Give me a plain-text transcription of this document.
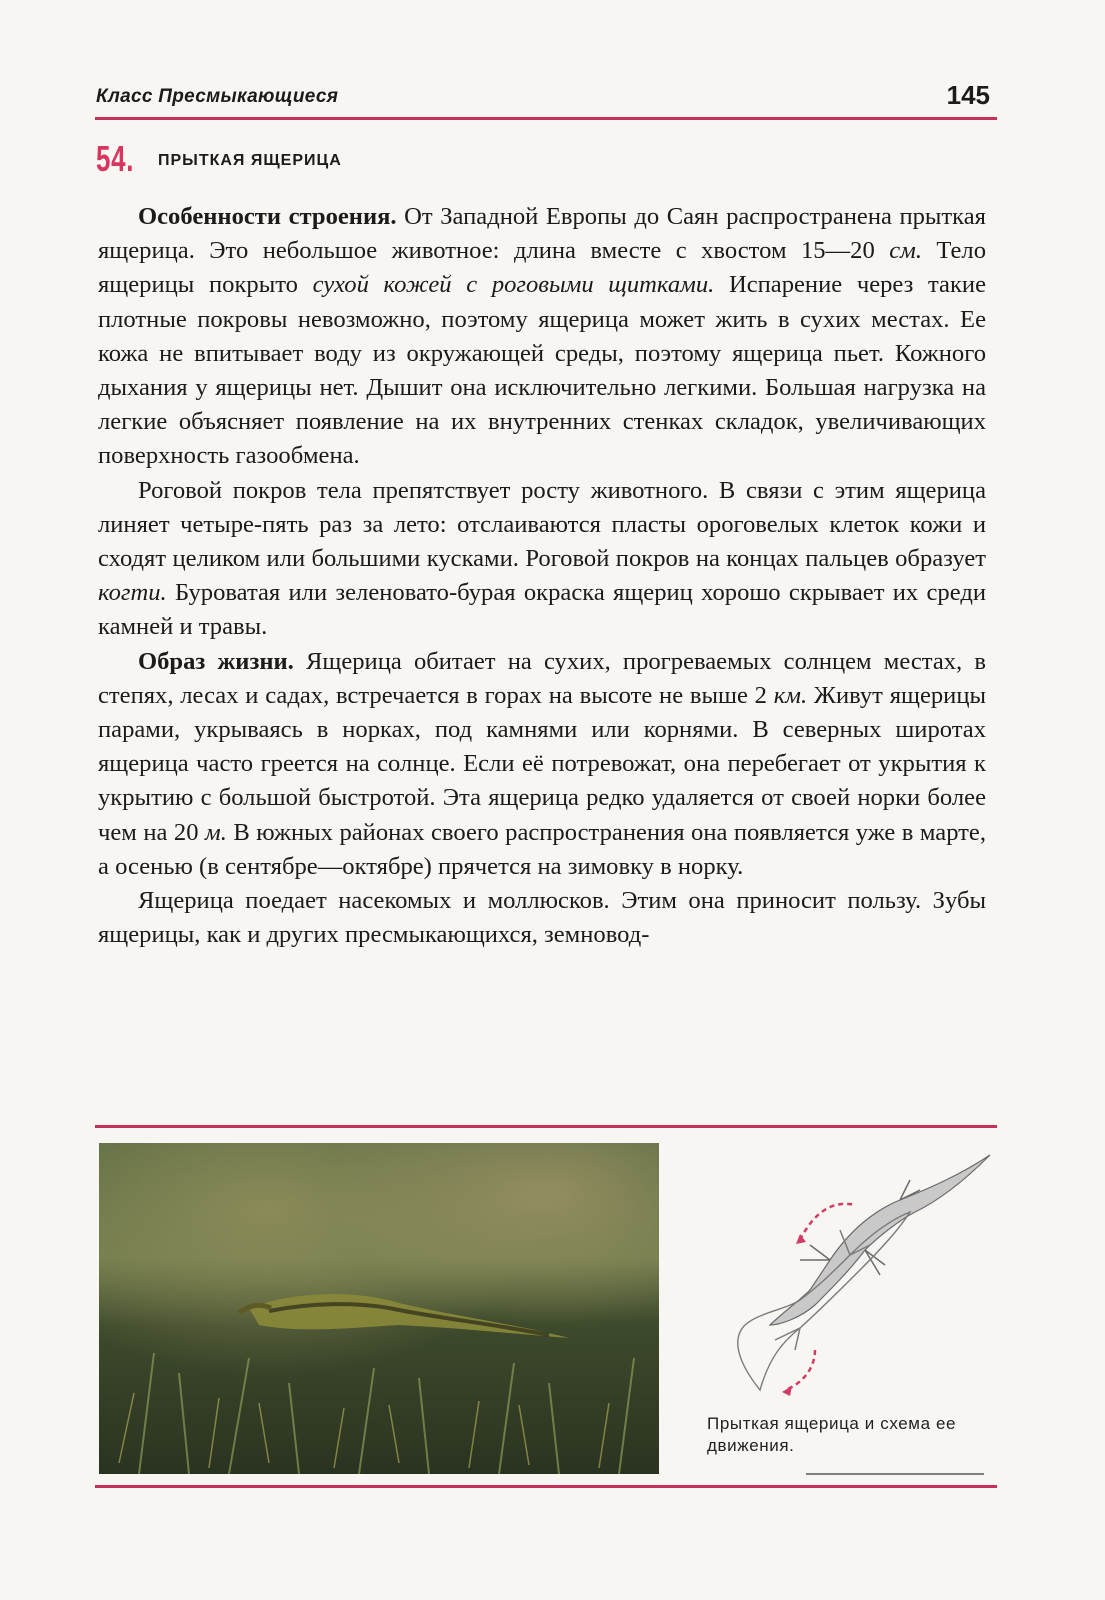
Класс Пресмыкающиеся	145
54. ПРЫТКАЯ ЯЩЕРИЦА

Особенности строения. От Западной Европы до Саян распространена прыткая ящерица. Это небольшое животное: длина вместе с хвостом 15—20 см. Тело ящерицы покрыто сухой кожей с роговыми щитками. Испарение через такие плотные покровы невозможно, поэтому ящерица может жить в сухих местах. Ее кожа не впитывает воду из окружающей среды, поэтому ящерица пьет. Кожного дыхания у ящерицы нет. Дышит она исключительно легкими. Большая нагрузка на легкие объясняет появление на их внутренних стенках складок, увеличивающих поверхность газообмена.

Роговой покров тела препятствует росту животного. В связи с этим ящерица линяет четыре-пять раз за лето: отслаиваются пласты ороговелых клеток кожи и сходят целиком или большими кусками. Роговой покров на концах пальцев образует когти. Буроватая или зеленовато-бурая окраска ящериц хорошо скрывает их среди камней и травы.

Образ жизни. Ящерица обитает на сухих, прогреваемых солнцем местах, в степях, лесах и садах, встречается в горах на высоте не выше 2 км. Живут ящерицы парами, укрываясь в норках, под камнями или корнями. В северных широтах ящерица часто греется на солнце. Если её потревожат, она перебегает от укрытия к укрытию с большой быстротой. Эта ящерица редко удаляется от своей норки более чем на 20 м. В южных районах своего распространения она появляется уже в марте, а осенью (в сентябре—октябре) прячется на зимовку в норку.

Ящерица поедает насекомых и моллюсков. Этим она приносит пользу. Зубы ящерицы, как и других пресмыкающихся, земновод-

Прыткая ящерица и схема ее движения.
